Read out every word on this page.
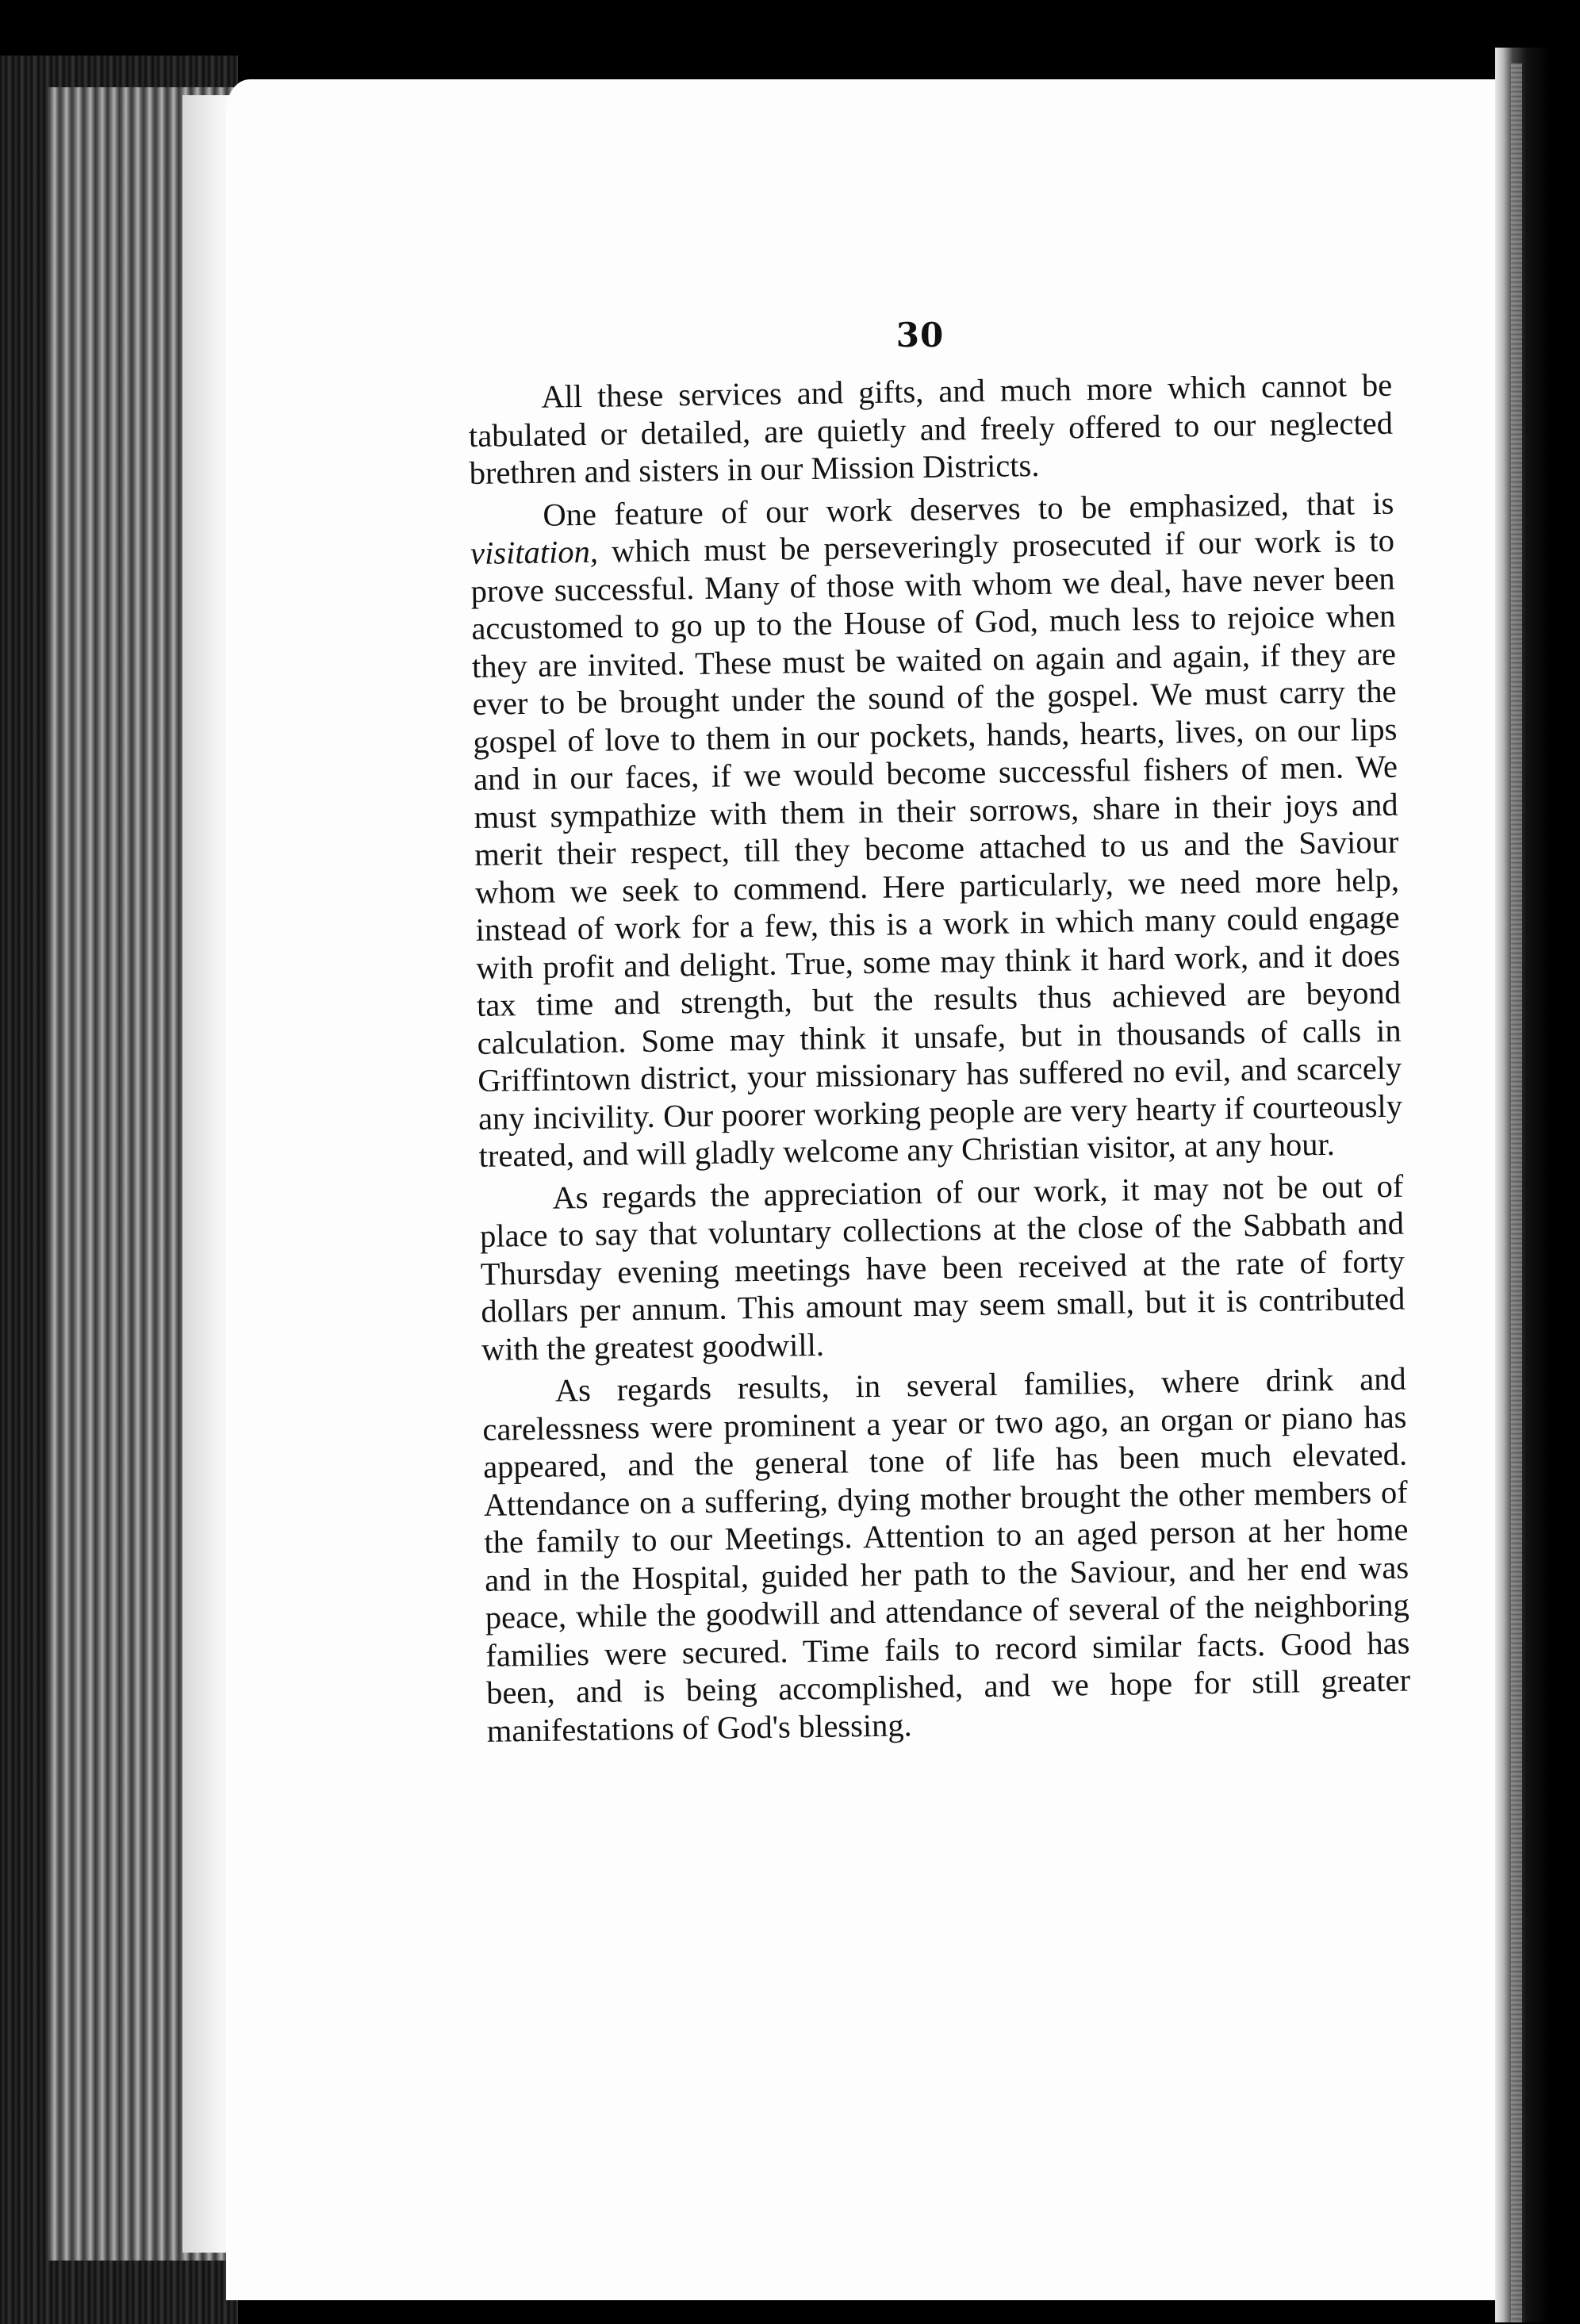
30

All these services and gifts, and much more which cannot be tabulated or detailed, are quietly and freely offered to our neglected brethren and sisters in our Mission Districts.

One feature of our work deserves to be emphasized, that is visitation, which must be perseveringly prosecuted if our work is to prove successful. Many of those with whom we deal, have never been accustomed to go up to the House of God, much less to rejoice when they are invited. These must be waited on again and again, if they are ever to be brought under the sound of the gospel. We must carry the gospel of love to them in our pockets, hands, hearts, lives, on our lips and in our faces, if we would become successful fishers of men. We must sympathize with them in their sorrows, share in their joys and merit their respect, till they become attached to us and the Saviour whom we seek to commend. Here particularly, we need more help, instead of work for a few, this is a work in which many could engage with profit and delight. True, some may think it hard work, and it does tax time and strength, but the results thus achieved are beyond calculation. Some may think it unsafe, but in thousands of calls in Griffintown district, your missionary has suffered no evil, and scarcely any incivility. Our poorer working people are very hearty if courteously treated, and will gladly welcome any Christian visitor, at any hour.

As regards the appreciation of our work, it may not be out of place to say that voluntary collections at the close of the Sabbath and Thursday evening meetings have been received at the rate of forty dollars per annum. This amount may seem small, but it is contributed with the greatest goodwill.

As regards results, in several families, where drink and carelessness were prominent a year or two ago, an organ or piano has appeared, and the general tone of life has been much elevated. Attendance on a suffering, dying mother brought the other members of the family to our Meetings. Attention to an aged person at her home and in the Hospital, guided her path to the Saviour, and her end was peace, while the goodwill and attendance of several of the neighboring families were secured. Time fails to record similar facts. Good has been, and is being accomplished, and we hope for still greater manifestations of God's blessing.
